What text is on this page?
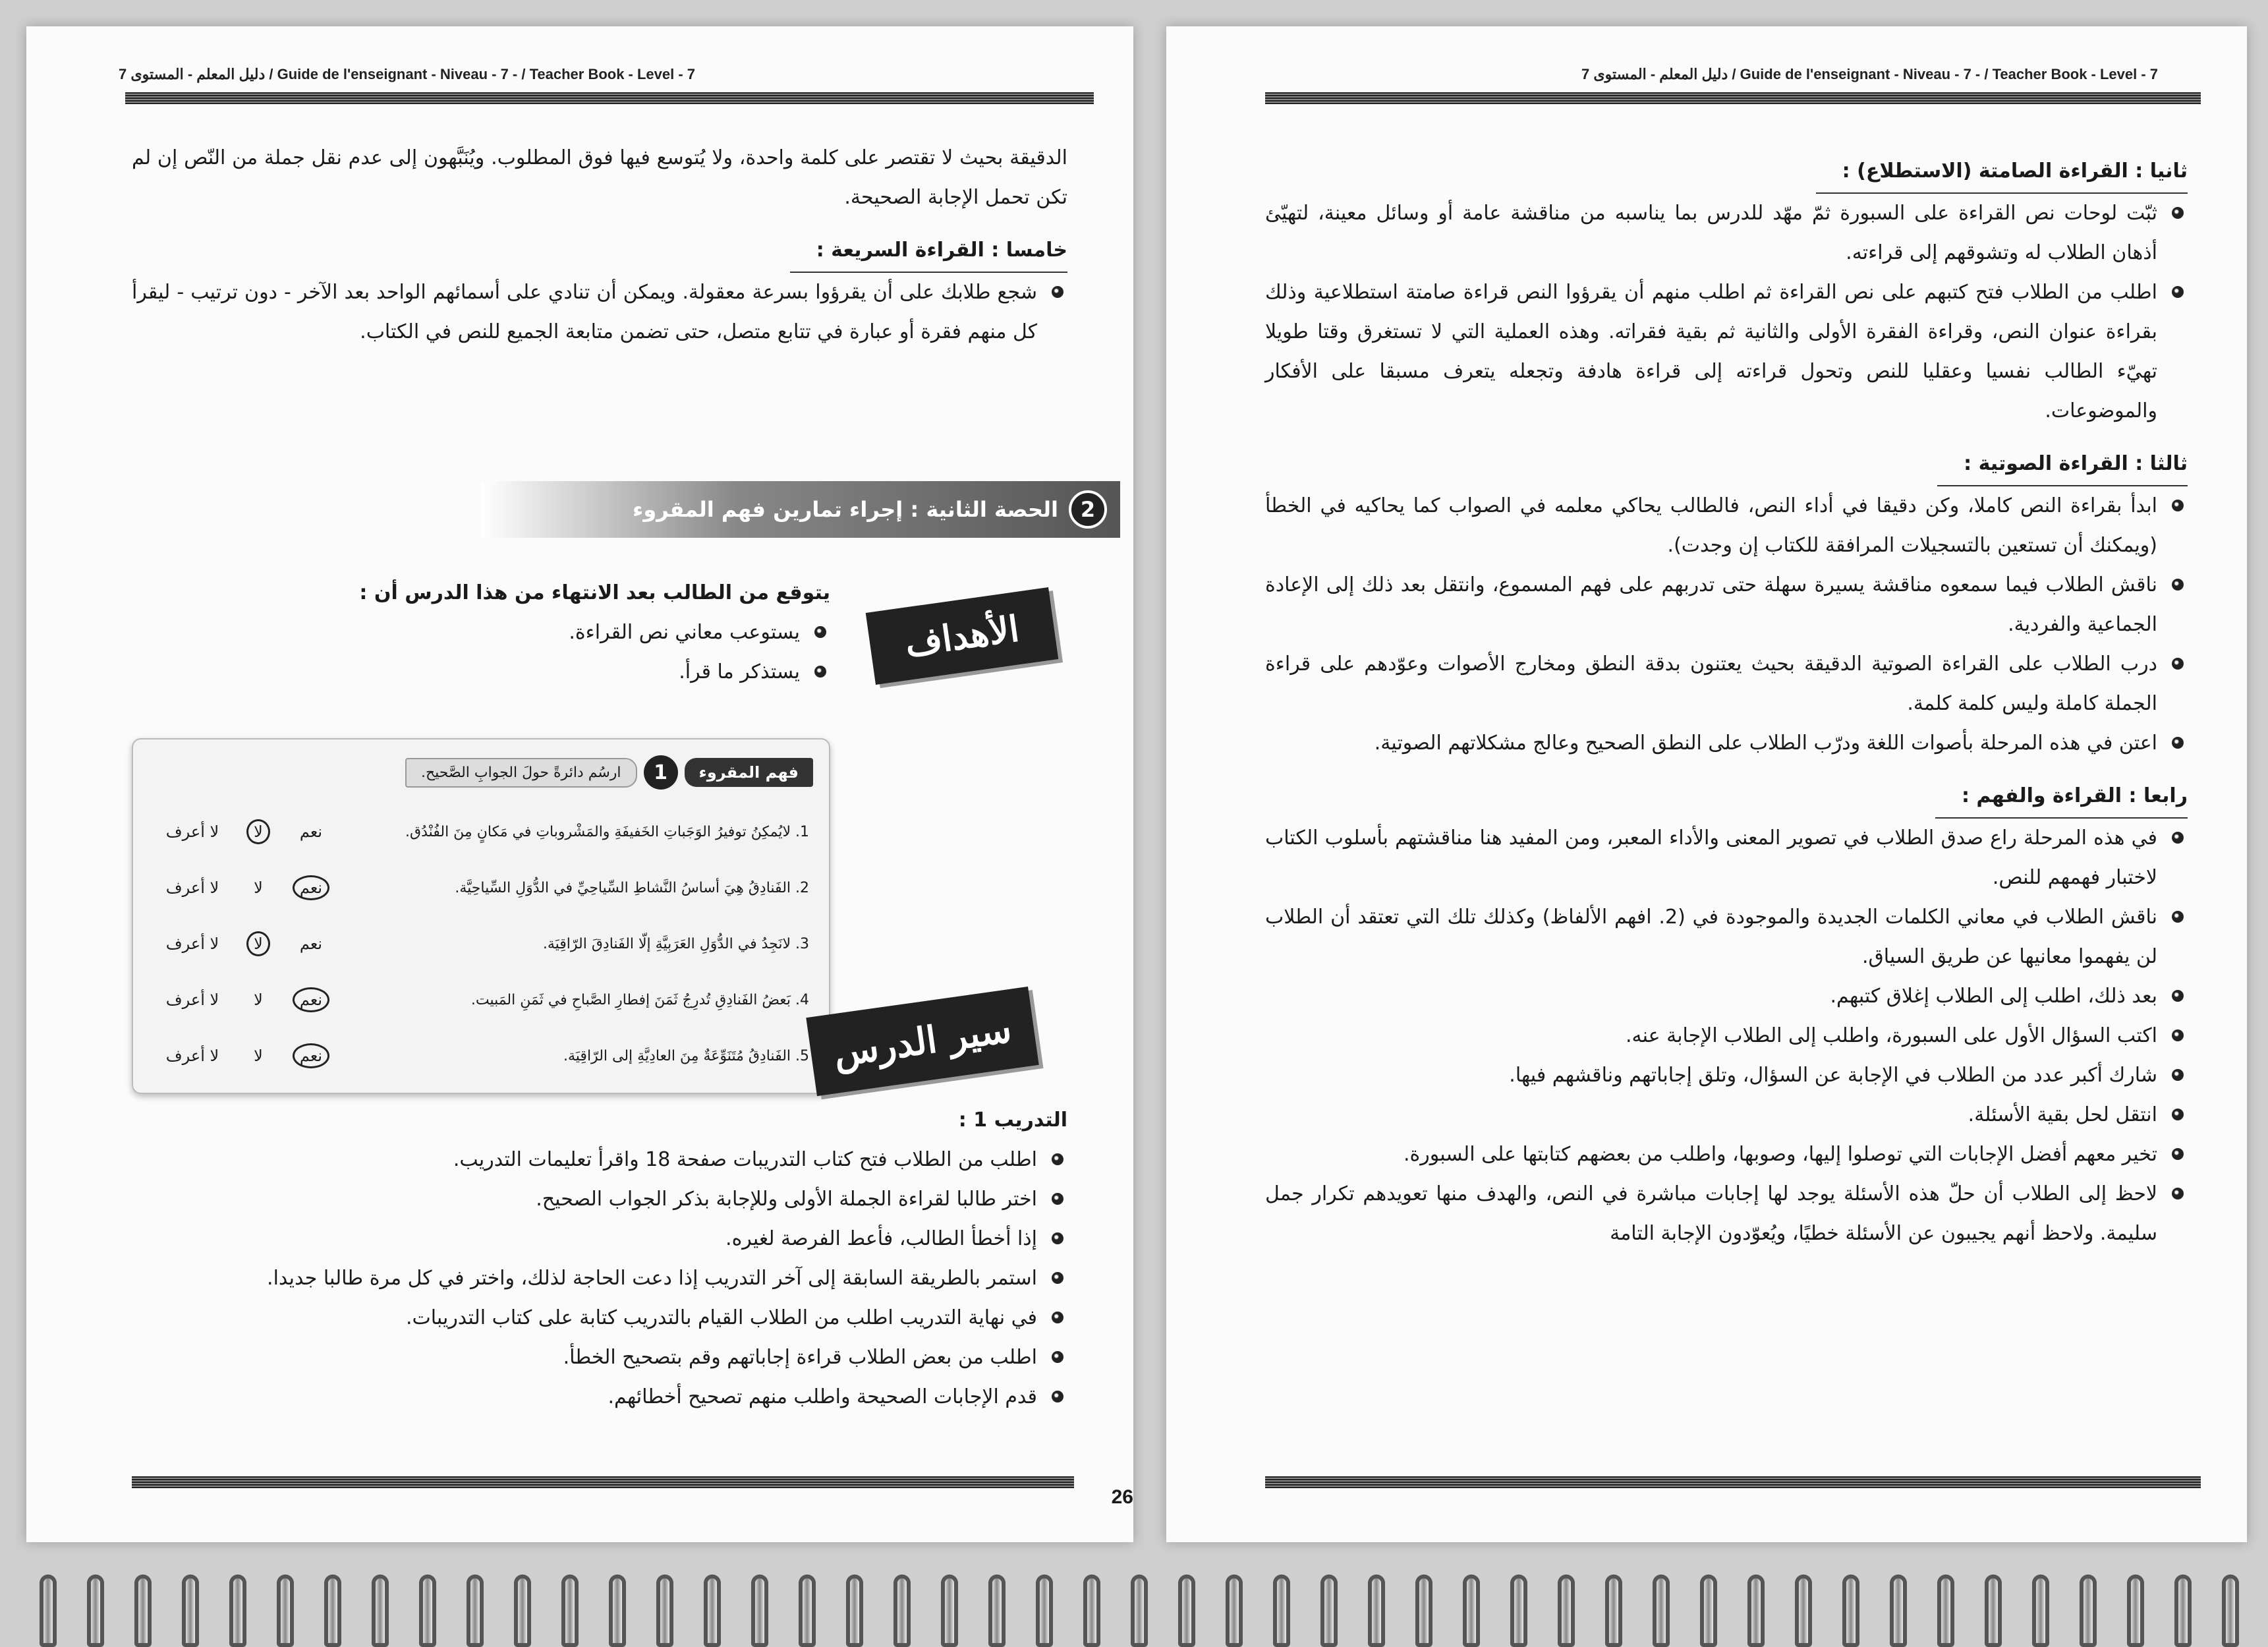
7 دليل المعلم - المستوى / Guide de l'enseignant - Niveau - 7 - / Teacher Book - Level - 7
الدقيقة بحيث لا تقتصر على كلمة واحدة، ولا يُتوسع فيها فوق المطلوب. ويُنَبَّهون إلى عدم نقل جملة من النّص إن لم تكن تحمل الإجابة الصحيحة.
خامسا : القراءة السريعة :
شجع طلابك على أن يقرؤوا بسرعة معقولة. ويمكن أن تنادي على أسمائهم الواحد بعد الآخر - دون ترتيب - ليقرأ كل منهم فقرة أو عبارة في تتابع متصل، حتى تضمن متابعة الجميع للنص في الكتاب.
2
الحصة الثانية : إجراء تمارين فهم المقروء
يتوقع من الطالب بعد الانتهاء من هذا الدرس أن :
يستوعب معاني نص القراءة.
يستذكر ما قرأ.
الأهداف
فهم المقروء
1
ارسُم دائرةً حولَ الجوابِ الصَّحيح.
1. لايُمكِنُ توفيرُ الوَجَباتِ الخَفيفَةِ والمَشْروباتِ في مَكانٍ مِنَ الفُنْدُق.
نعم
لا
لا أعرف
2. الفَنادِقُ هِيَ أساسُ النَّشاطِ السِّياحِيِّ في الدُّوَلِ السِّياحِيَّة.
نعم
لا
لا أعرف
3. لانَجِدُ في الدُّوَلِ العَرَبِيَّةِ إلّا الفَنادِقَ الرّاقِيَة.
نعم
لا
لا أعرف
4. بَعضُ الفَنادِقِ تُدرِجُ ثَمَنَ إفطارِ الصَّباحِ في ثَمَنِ المَبيت.
نعم
لا
لا أعرف
5. الفَنادِقُ مُتَنَوِّعَةٌ مِنَ العادِيَّةِ إلى الرّاقِيَة.
نعم
لا
لا أعرف	سير الدرس
التدريب 1 :
اطلب من الطلاب فتح كتاب التدريبات صفحة 18 واقرأ تعليمات التدريب.
اختر طالبا لقراءة الجملة الأولى وللإجابة بذكر الجواب الصحيح.
إذا أخطأ الطالب، فأعط الفرصة لغيره.
استمر بالطريقة السابقة إلى آخر التدريب إذا دعت الحاجة لذلك، واختر في كل مرة طالبا جديدا.
في نهاية التدريب اطلب من الطلاب القيام بالتدريب كتابة على كتاب التدريبات.
اطلب من بعض الطلاب قراءة إجاباتهم وقم بتصحيح الخطأ.
قدم الإجابات الصحيحة واطلب منهم تصحيح أخطائهم.
26
7 دليل المعلم - المستوى / Guide de l'enseignant - Niveau - 7 - / Teacher Book - Level - 7
ثانيا : القراءة الصامتة (الاستطلاع) :
ثبّت لوحات نص القراءة على السبورة ثمّ مهّد للدرس بما يناسبه من مناقشة عامة أو وسائل معينة، لتهيّئ أذهان الطلاب له وتشوقهم إلى قراءته.
اطلب من الطلاب فتح كتبهم على نص القراءة ثم اطلب منهم أن يقرؤوا النص قراءة صامتة استطلاعية وذلك بقراءة عنوان النص، وقراءة الفقرة الأولى والثانية ثم بقية فقراته. وهذه العملية التي لا تستغرق وقتا طويلا تهيّء الطالب نفسيا وعقليا للنص وتحول قراءته إلى قراءة هادفة وتجعله يتعرف مسبقا على الأفكار والموضوعات.
ثالثا : القراءة الصوتية :
ابدأ بقراءة النص كاملا، وكن دقيقا في أداء النص، فالطالب يحاكي معلمه في الصواب كما يحاكيه في الخطأ (ويمكنك أن تستعين بالتسجيلات المرافقة للكتاب إن وجدت).
ناقش الطلاب فيما سمعوه مناقشة يسيرة سهلة حتى تدربهم على فهم المسموع، وانتقل بعد ذلك إلى الإعادة الجماعية والفردية.
درب الطلاب على القراءة الصوتية الدقيقة بحيث يعتنون بدقة النطق ومخارج الأصوات وعوّدهم على قراءة الجملة كاملة وليس كلمة كلمة.
اعتن في هذه المرحلة بأصوات اللغة ودرّب الطلاب على النطق الصحيح وعالج مشكلاتهم الصوتية.
رابعا : القراءة والفهم :
في هذه المرحلة راع صدق الطلاب في تصوير المعنى والأداء المعبر، ومن المفيد هنا مناقشتهم بأسلوب الكتاب لاختبار فهمهم للنص.
ناقش الطلاب في معاني الكلمات الجديدة والموجودة في (2. افهم الألفاظ) وكذلك تلك التي تعتقد أن الطلاب لن يفهموا معانيها عن طريق السياق.
بعد ذلك، اطلب إلى الطلاب إغلاق كتبهم.
اكتب السؤال الأول على السبورة، واطلب إلى الطلاب الإجابة عنه.
شارك أكبر عدد من الطلاب في الإجابة عن السؤال، وتلق إجاباتهم وناقشهم فيها.
انتقل لحل بقية الأسئلة.
تخير معهم أفضل الإجابات التي توصلوا إليها، وصوبها، واطلب من بعضهم كتابتها على السبورة.
لاحظ إلى الطلاب أن حلّ هذه الأسئلة يوجد لها إجابات مباشرة في النص، والهدف منها تعويدهم تكرار جمل سليمة. ولاحظ أنهم يجيبون عن الأسئلة خطيًا، ويُعوّدون الإجابة التامة
